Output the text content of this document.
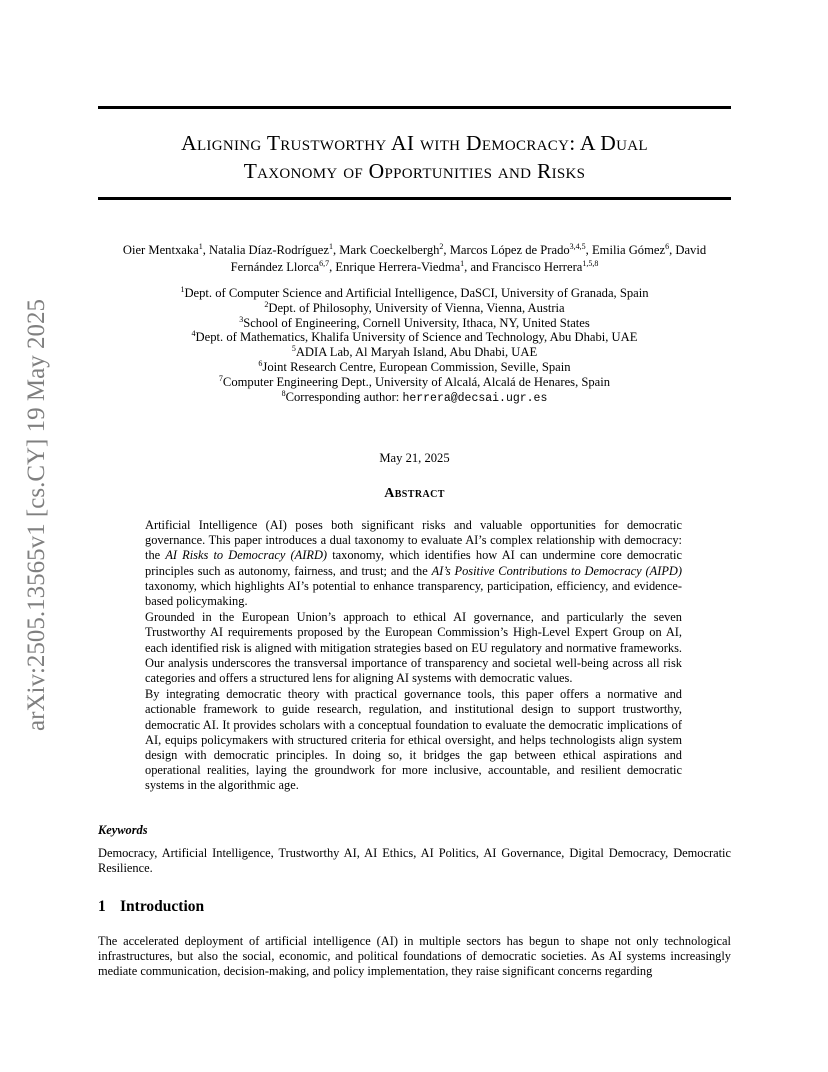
arXiv:2505.13565v1 [cs.CY] 19 May 2025
Aligning Trustworthy AI with Democracy: A Dual
Taxonomy of Opportunities and Risks
Oier Mentxaka$^1$, Natalia Díaz-Rodríguez$^1$, Mark Coeckelbergh$^2$, Marcos López de Prado$^{3,4,5}$, Emilia Gómez$^6$, David Fernández Llorca$^{6,7}$, Enrique Herrera-Viedma$^1$, and Francisco Herrera$^{1,5,8}$
$^1$Dept. of Computer Science and Artificial Intelligence, DaSCI, University of Granada, Spain
$^2$Dept. of Philosophy, University of Vienna, Vienna, Austria
$^3$School of Engineering, Cornell University, Ithaca, NY, United States
$^4$Dept. of Mathematics, Khalifa University of Science and Technology, Abu Dhabi, UAE
$^5$ADIA Lab, Al Maryah Island, Abu Dhabi, UAE
$^6$Joint Research Centre, European Commission, Seville, Spain
$^7$Computer Engineering Dept., University of Alcalá, Alcalá de Henares, Spain
$^8$Corresponding author: herrera@decsai.ugr.es
May 21, 2025
Abstract

Artificial Intelligence (AI) poses both significant risks and valuable opportunities for democratic governance. This paper introduces a dual taxonomy to evaluate AI’s complex relationship with democracy: the AI Risks to Democracy (AIRD) taxonomy, which identifies how AI can undermine core democratic principles such as autonomy, fairness, and trust; and the AI’s Positive Contributions to Democracy (AIPD) taxonomy, which highlights AI’s potential to enhance transparency, participation, efficiency, and evidence-based policymaking.

Grounded in the European Union’s approach to ethical AI governance, and particularly the seven Trustworthy AI requirements proposed by the European Commission’s High-Level Expert Group on AI, each identified risk is aligned with mitigation strategies based on EU regulatory and normative frameworks. Our analysis underscores the transversal importance of transparency and societal well-being across all risk categories and offers a structured lens for aligning AI systems with democratic values.

By integrating democratic theory with practical governance tools, this paper offers a normative and actionable framework to guide research, regulation, and institutional design to support trustworthy, democratic AI. It provides scholars with a conceptual foundation to evaluate the democratic implications of AI, equips policymakers with structured criteria for ethical oversight, and helps technologists align system design with democratic principles. In doing so, it bridges the gap between ethical aspirations and operational realities, laying the groundwork for more inclusive, accountable, and resilient democratic systems in the algorithmic age.

Keywords
Democracy, Artificial Intelligence, Trustworthy AI, AI Ethics, AI Politics, AI Governance, Digital Democracy, Democratic Resilience.
1 Introduction
The accelerated deployment of artificial intelligence (AI) in multiple sectors has begun to shape not only technological infrastructures, but also the social, economic, and political foundations of democratic societies. As AI systems increasingly mediate communication, decision-making, and policy implementation, they raise significant concerns regarding
